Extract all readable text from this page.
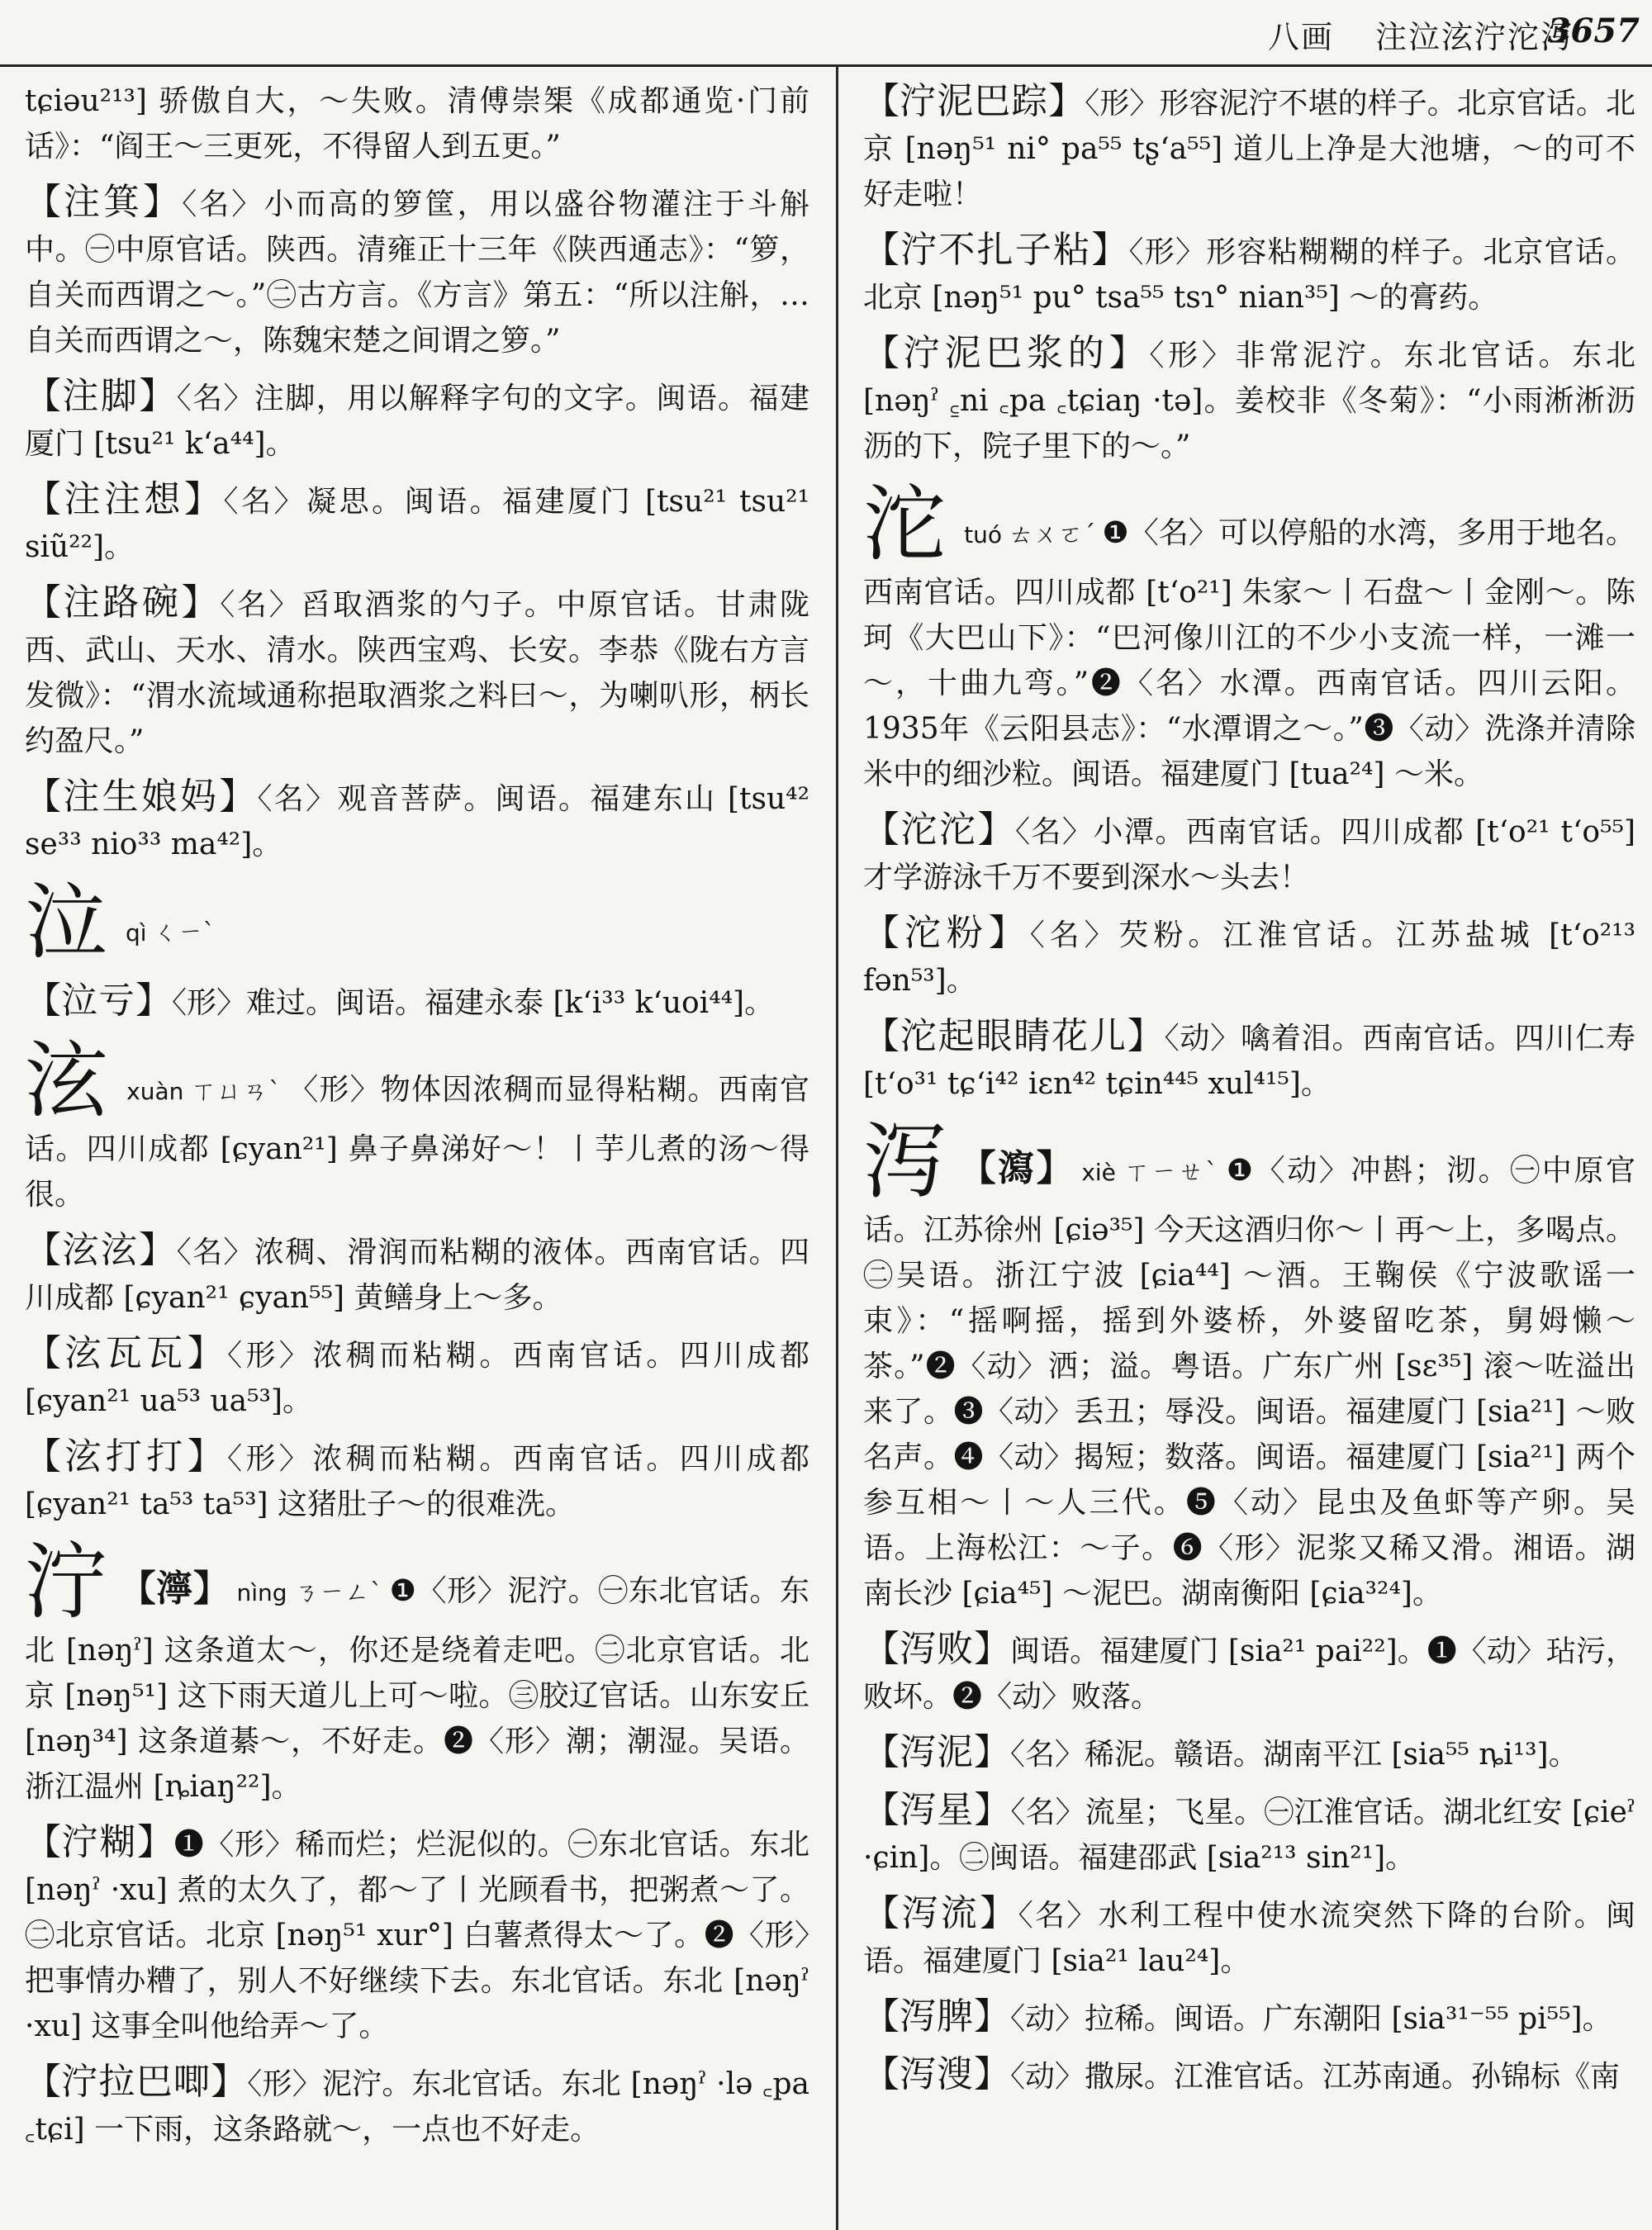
八画 注泣泫泞沱泻
3657
tɕiəu²¹³] 骄傲自大，～失败。清傅崇榘《成都通览·门前话》：“阎王～三更死，不得留人到五更。”
【注箕】〈名〉小而高的箩筐，用以盛谷物灌注于斗斛中。㊀中原官话。陕西。清雍正十三年《陕西通志》：“箩，自关而西谓之～。”㊁古方言。《方言》第五：“所以注斛，…自关而西谓之～，陈魏宋楚之间谓之箩。”
【注脚】〈名〉注脚，用以解释字句的文字。闽语。福建厦门 [tsu²¹ k‘a⁴⁴]。
【注注想】〈名〉凝思。闽语。福建厦门 [tsu²¹ tsu²¹ siũ²²]。
【注路碗】〈名〉舀取酒浆的勺子。中原官话。甘肃陇西、武山、天水、清水。陕西宝鸡、长安。李恭《陇右方言发微》：“渭水流域通称挹取酒浆之料曰～，为喇叭形，柄长约盈尺。”
【注生娘妈】〈名〉观音菩萨。闽语。福建东山 [tsu⁴² se³³ nio³³ ma⁴²]。
泣qì ㄑㄧˋ
【泣亏】〈形〉难过。闽语。福建永泰 [k‘i³³ k‘uoi⁴⁴]。
泫xuàn ㄒㄩㄢˋ 〈形〉物体因浓稠而显得粘糊。西南官话。四川成都 [ɕyan²¹] 鼻子鼻涕好～！丨芋儿煮的汤～得很。
【泫泫】〈名〉浓稠、滑润而粘糊的液体。西南官话。四川成都 [ɕyan²¹ ɕyan⁵⁵] 黄鳝身上～多。
【泫瓦瓦】〈形〉浓稠而粘糊。西南官话。四川成都 [ɕyan²¹ ua⁵³ ua⁵³]。
【泫打打】〈形〉浓稠而粘糊。西南官话。四川成都 [ɕyan²¹ ta⁵³ ta⁵³] 这猪肚子～的很难洗。
泞 【濘】 nìng ㄋㄧㄥˋ ❶〈形〉泥泞。㊀东北官话。东北 [nəŋˀ] 这条道太～，你还是绕着走吧。㊁北京官话。北京 [nəŋ⁵¹] 这下雨天道儿上可～啦。㊂胶辽官话。山东安丘 [nəŋ³⁴] 这条道綦～，不好走。❷〈形〉潮；潮湿。吴语。浙江温州 [ȵiaŋ²²]。
【泞糊】❶〈形〉稀而烂；烂泥似的。㊀东北官话。东北 [nəŋˀ ·xu] 煮的太久了，都～了丨光顾看书，把粥煮～了。㊁北京官话。北京 [nəŋ⁵¹ xur°] 白薯煮得太～了。❷〈形〉把事情办糟了，别人不好继续下去。东北官话。东北 [nəŋˀ ·xu] 这事全叫他给弄～了。
【泞拉巴唧】〈形〉泥泞。东北官话。东北 [nəŋˀ ·lə ꜀pa ꜀tɕi] 一下雨，这条路就～，一点也不好走。
【泞泥巴踪】〈形〉形容泥泞不堪的样子。北京官话。北京 [nəŋ⁵¹ ni° pa⁵⁵ tʂ‘a⁵⁵] 道儿上净是大池塘，～的可不好走啦！
【泞不扎子粘】〈形〉形容粘糊糊的样子。北京官话。北京 [nəŋ⁵¹ pu° tsa⁵⁵ tsɿ° nian³⁵] ～的膏药。
【泞泥巴浆的】〈形〉非常泥泞。东北官话。东北 [nəŋˀ ꜁ni ꜀pa ꜀tɕiaŋ ·tə]。姜校非《冬菊》：“小雨淅淅沥沥的下，院子里下的～。”
沱tuó ㄊㄨㄛˊ ❶〈名〉可以停船的水湾，多用于地名。西南官话。四川成都 [t‘o²¹] 朱家～丨石盘～丨金刚～。陈珂《大巴山下》：“巴河像川江的不少小支流一样，一滩一～，十曲九弯。”❷〈名〉水潭。西南官话。四川云阳。1935年《云阳县志》：“水潭谓之～。”❸〈动〉洗涤并清除米中的细沙粒。闽语。福建厦门 [tua²⁴] ～米。
【沱沱】〈名〉小潭。西南官话。四川成都 [t‘o²¹ t‘o⁵⁵] 才学游泳千万不要到深水～头去！
【沱粉】〈名〉芡粉。江淮官话。江苏盐城 [t‘o²¹³ fən⁵³]。
【沱起眼睛花儿】〈动〉噙着泪。西南官话。四川仁寿 [t‘o³¹ tɕ‘i⁴² iɛn⁴² tɕin⁴⁴⁵ xul⁴¹⁵]。
泻 【瀉】 xiè ㄒㄧㄝˋ ❶〈动〉冲斟；沏。㊀中原官话。江苏徐州 [ɕiə³⁵] 今天这酒归你～丨再～上，多喝点。㊁吴语。浙江宁波 [ɕia⁴⁴] ～酒。王鞠侯《宁波歌谣一束》：“摇啊摇，摇到外婆桥，外婆留吃茶，舅姆懒～茶。”❷〈动〉洒；溢。粤语。广东广州 [sɛ³⁵] 滚～咗溢出来了。❸〈动〉丢丑；辱没。闽语。福建厦门 [sia²¹] ～败名声。❹〈动〉揭短；数落。闽语。福建厦门 [sia²¹] 两个参互相～丨～人三代。❺〈动〉昆虫及鱼虾等产卵。吴语。上海松江：～子。❻〈形〉泥浆又稀又滑。湘语。湖南长沙 [ɕia⁴⁵] ～泥巴。湖南衡阳 [ɕia³²⁴]。
【泻败】闽语。福建厦门 [sia²¹ pai²²]。❶〈动〉玷污，败坏。❷〈动〉败落。
【泻泥】〈名〉稀泥。赣语。湖南平江 [sia⁵⁵ ȵi¹³]。
【泻星】〈名〉流星；飞星。㊀江淮官话。湖北红安 [ɕieˀ ·ɕin]。㊁闽语。福建邵武 [sia²¹³ sin²¹]。
【泻流】〈名〉水利工程中使水流突然下降的台阶。闽语。福建厦门 [sia²¹ lau²⁴]。
【泻脾】〈动〉拉稀。闽语。广东潮阳 [sia³¹⁻⁵⁵ pi⁵⁵]。
【泻溲】〈动〉撒尿。江淮官话。江苏南通。孙锦标《南
